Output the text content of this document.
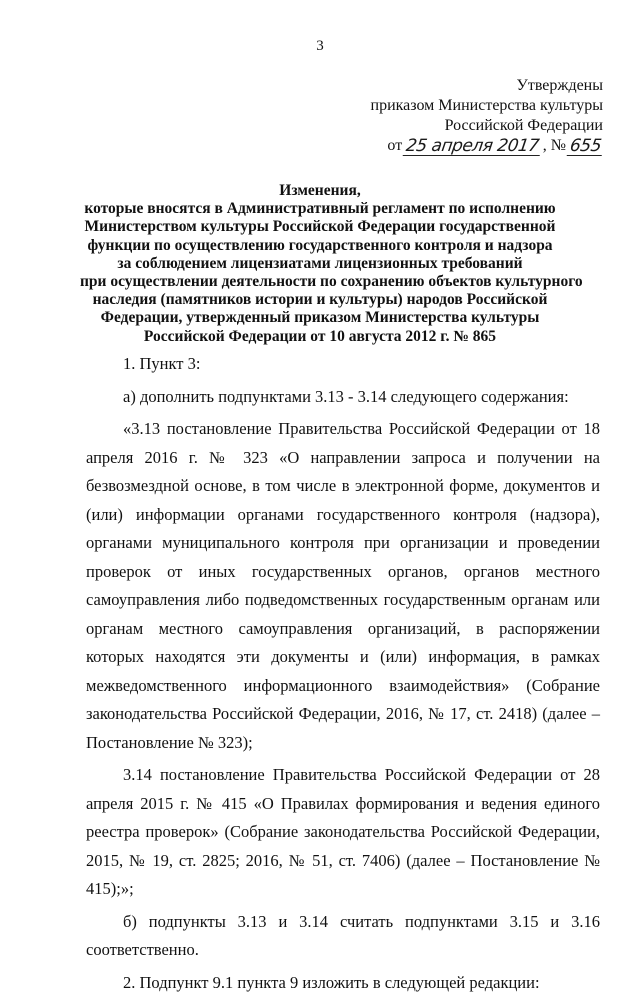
3
Утверждены
приказом Министерства культуры
Российской Федерации
от 25 апреля 2017 , № 655
Изменения,
которые вносятся в Административный регламент по исполнению
Министерством культуры Российской Федерации государственной
функции по осуществлению государственного контроля и надзора
за соблюдением лицензиатами лицензионных требований
при осуществлении деятельности по сохранению объектов культурного
наследия (памятников истории и культуры) народов Российской
Федерации, утвержденный приказом Министерства культуры
Российской Федерации от 10 августа 2012 г. № 865

1. Пункт 3:

а) дополнить подпунктами 3.13 - 3.14 следующего содержания:

«3.13 постановление Правительства Российской Федерации от 18 апреля 2016 г. № 323 «О направлении запроса и получении на безвозмездной основе, в том числе в электронной форме, документов и (или) информации органами государственного контроля (надзора), органами муниципального контроля при организации и проведении проверок от иных государственных органов, органов местного самоуправления либо подведомственных государственным органам или органам местного самоуправления организаций, в распоряжении которых находятся эти документы и (или) информация, в рамках межведомственного информационного взаимодействия» (Собрание законодательства Российской Федерации, 2016, № 17, ст. 2418) (далее – Постановление № 323);

3.14 постановление Правительства Российской Федерации от 28 апреля 2015 г. № 415 «О Правилах формирования и ведения единого реестра проверок» (Собрание законодательства Российской Федерации, 2015, № 19, ст. 2825; 2016, № 51, ст. 7406) (далее – Постановление № 415);»;

б) подпункты 3.13 и 3.14 считать подпунктами 3.15 и 3.16 соответственно.

2. Подпункт 9.1 пункта 9 изложить в следующей редакции:
